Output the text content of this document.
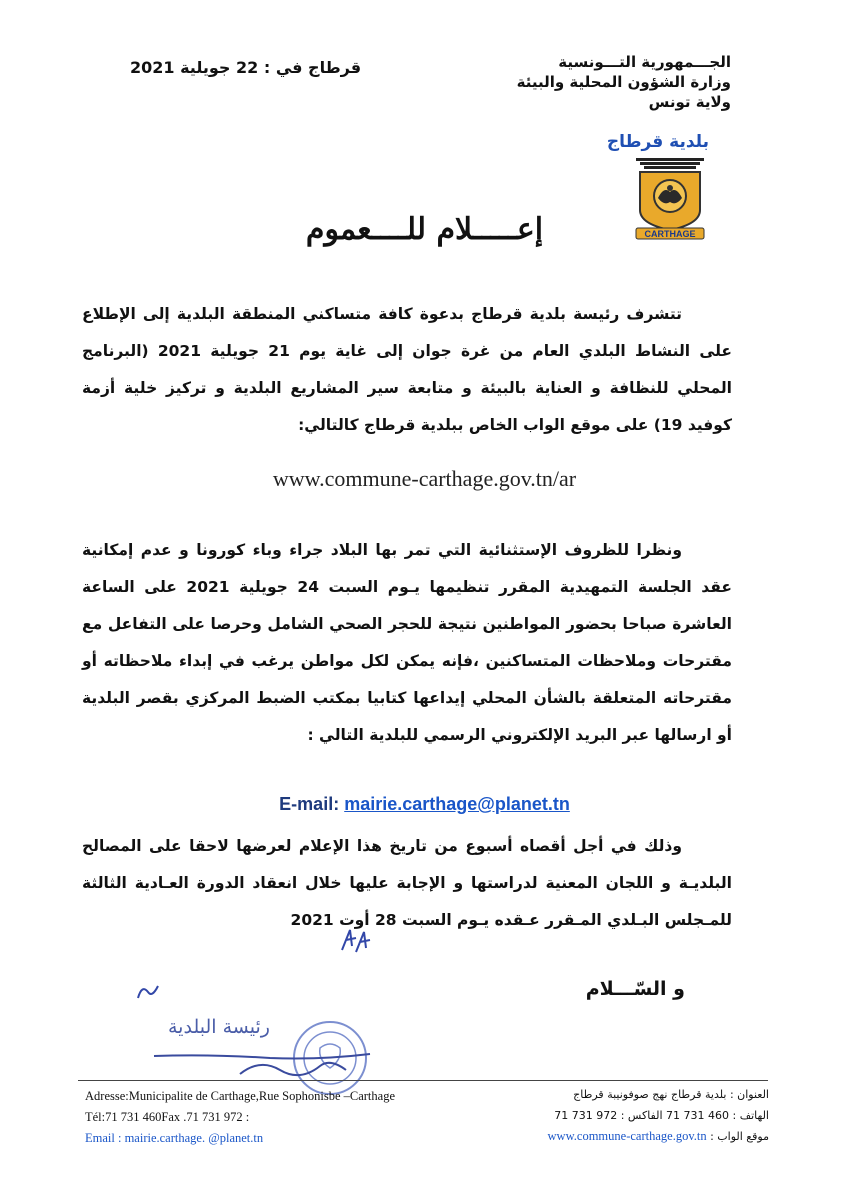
الجـــمهورية التـــونسية
وزارة الشؤون المحلية والبيئة
ولاية تونس
بلدية قرطاج
قرطاج في : 22 جويلية 2021
CARTHAGE
إعـــــلام للــــعموم
تتشرف رئيسة بلدية قرطاج بدعوة كافة متساكني المنطقة البلدية إلى الإطلاع على النشاط البلدي العام من غرة جوان إلى غاية يوم 21 جويلية 2021 (البرنامج المحلي للنظافة و العناية بالبيئة و متابعة سير المشاريع البلدية و تركيز خلية أزمة كوفيد 19) على موقع الواب الخاص ببلدية قرطاج كالتالي:
www.commune-carthage.gov.tn/ar
ونظرا للظروف الإستثنائية التي تمر بها البلاد جراء وباء كورونا و عدم إمكانية عقد الجلسة التمهيدية المقرر تنظيمها يـوم السبت 24 جويلية 2021 على الساعة العاشرة صباحا بحضور المواطنين نتيجة للحجر الصحي الشامل وحرصا على التفاعل مع مقترحات وملاحظات المتساكنين ،فإنه يمكن لكل مواطن يرغب في إبداء ملاحظاته أو مقترحاته المتعلقة بالشأن المحلي إيداعها كتابيا بمكتب الضبط المركزي بقصر البلدية أو ارسالها عبر البريد الإلكتروني الرسمي للبلدية التالي :
E-mail: mairie.carthage@planet.tn
وذلك في أجل أقصاه أسبوع من تاريخ هذا الإعلام لعرضها لاحقا على المصالح البلديـة و اللجان المعنية لدراستها و الإجابة عليها خلال انعقاد الدورة العـادية الثالثة للمـجلس البـلدي المـقرر عـقده يـوم السبت 28 أوت 2021
و السّـــلام
رئيسة البلدية
Adresse:Municipalite de Carthage,Rue Sophonisbe –Carthage
Tél:71 731 460Fax .71 731 972 :
Email : mairie.carthage. @planet.tn
العنوان : بلدية قرطاج نهج صوفونيبة قرطاج
الهاتف : 460 731 71 الفاكس : 972 731 71
موقع الواب : www.commune-carthage.gov.tn
